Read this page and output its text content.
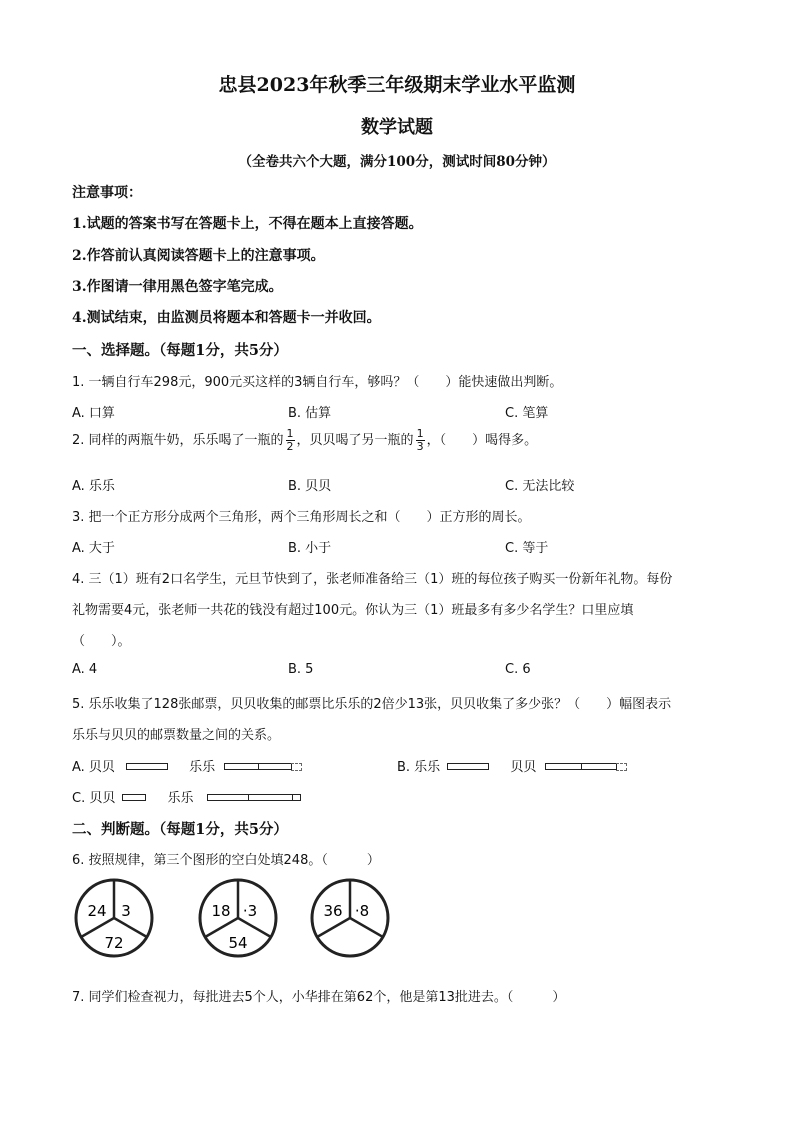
忠县2023年秋季三年级期末学业水平监测
数学试题
（全卷共六个大题，满分100分，测试时间80分钟）
注意事项：
1.试题的答案书写在答题卡上，不得在题本上直接答题。
2.作答前认真阅读答题卡上的注意事项。
3.作图请一律用黑色签字笔完成。
4.测试结束，由监测员将题本和答题卡一并收回。
一、选择题。（每题1分，共5分）
1. 一辆自行车298元，900元买这样的3辆自行车，够吗？（　　）能快速做出判断。
A. 口算	B. 估算	C. 笔算
2. 同样的两瓶牛奶，乐乐喝了一瓶的 $\frac{1}{2}$ ，贝贝喝了另一瓶的 $\frac{1}{3}$ ，（　　）喝得多。
A. 乐乐	B. 贝贝	C. 无法比较
3. 把一个正方形分成两个三角形，两个三角形周长之和（　　）正方形的周长。
A. 大于	B. 小于	C. 等于
4. 三（1）班有2口名学生，元旦节快到了，张老师准备给三（1）班的每位孩子购买一份新年礼物。每份
礼物需要4元，张老师一共花的钱没有超过100元。你认为三（1）班最多有多少名学生？口里应填
（　　）。
A. 4	B. 5	C. 6
5. 乐乐收集了128张邮票，贝贝收集的邮票比乐乐的2倍少13张，贝贝收集了多少张？（　　）幅图表示
乐乐与贝贝的邮票数量之间的关系。
A. 贝贝	乐乐	B. 乐乐	贝贝
C. 贝贝	乐乐
二、判断题。（每题1分，共5分）
6. 按照规律，第三个图形的空白处填248。（　　　）
24 3
72
18 ·3
54
36 ·8
7. 同学们检查视力，每批进去5个人，小华排在第62个，他是第13批进去。（　　　）
